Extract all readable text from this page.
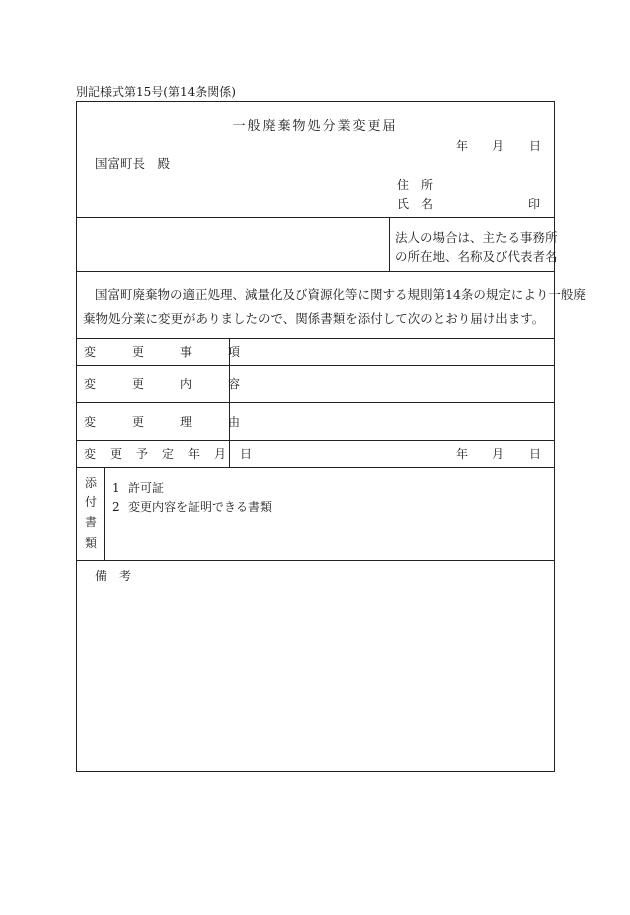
別記様式第15号(第14条関係)
一般廃棄物処分業変更届
年 月 日
国富町長　殿
住　所
氏　名	印
法人の場合は、主たる事務所
の所在地、名称及び代表者名
国富町廃棄物の適正処理、減量化及び資源化等に関する規則第14条の規定により一般廃
棄物処分業に変更がありましたので、関係書類を添付して次のとおり届け出ます。
変　　　更　　　事　　　項
変　　　更　　　内　　　容
変　　　更　　　理　　　由
変　更　予　定　年　月　日	年 月 日
添
付
書
類
1 許可証
2 変更内容を証明できる書類
備　考
